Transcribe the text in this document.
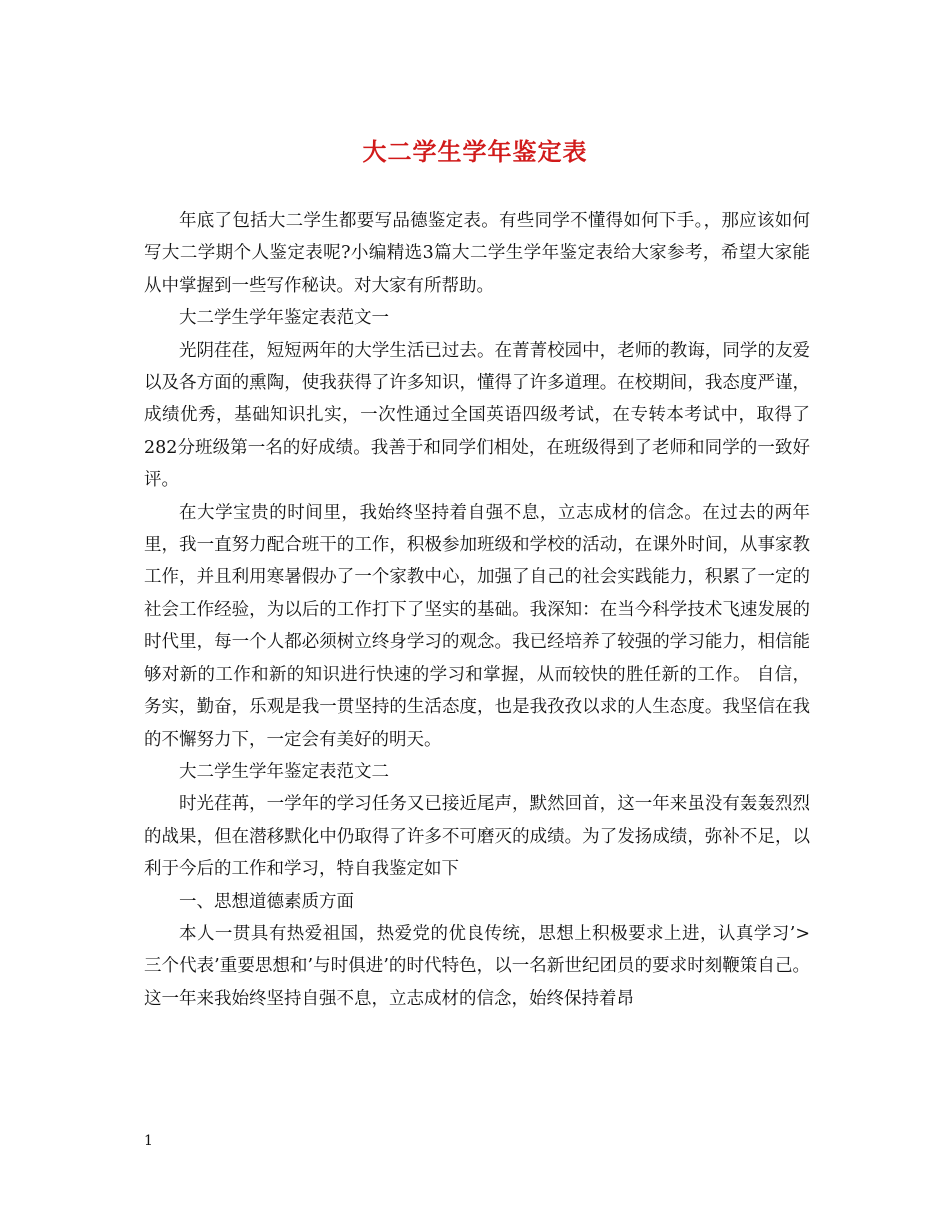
大二学生学年鉴定表

年底了包括大二学生都要写品德鉴定表。有些同学不懂得如何下手。，那应该如何写大二学期个人鉴定表呢?小编精选3篇大二学生学年鉴定表给大家参考，希望大家能从中掌握到一些写作秘诀。对大家有所帮助。

大二学生学年鉴定表范文一

光阴荏荏，短短两年的大学生活已过去。在菁菁校园中，老师的教诲，同学的友爱以及各方面的熏陶，使我获得了许多知识，懂得了许多道理。在校期间，我态度严谨，成绩优秀，基础知识扎实，一次性通过全国英语四级考试，在专转本考试中，取得了282分班级第一名的好成绩。我善于和同学们相处，在班级得到了老师和同学的一致好评。

在大学宝贵的时间里，我始终坚持着自强不息，立志成材的信念。在过去的两年里，我一直努力配合班干的工作，积极参加班级和学校的活动，在课外时间，从事家教工作，并且利用寒暑假办了一个家教中心，加强了自己的社会实践能力，积累了一定的社会工作经验，为以后的工作打下了坚实的基础。我深知：在当今科学技术飞速发展的时代里，每一个人都必须树立终身学习的观念。我已经培养了较强的学习能力，相信能够对新的工作和新的知识进行快速的学习和掌握，从而较快的胜任新的工作。 自信，务实，勤奋，乐观是我一贯坚持的生活态度，也是我孜孜以求的人生态度。我坚信在我的不懈努力下，一定会有美好的明天。

大二学生学年鉴定表范文二

时光荏苒，一学年的学习任务又已接近尾声，默然回首，这一年来虽没有轰轰烈烈的战果，但在潜移默化中仍取得了许多不可磨灭的成绩。为了发扬成绩，弥补不足，以利于今后的工作和学习，特自我鉴定如下

一、思想道德素质方面

本人一贯具有热爱祖国，热爱党的优良传统，思想上积极要求上进，认真学习’>三个代表’重要思想和’与时俱进’的时代特色，以一名新世纪团员的要求时刻鞭策自己。这一年来我始终坚持自强不息，立志成材的信念，始终保持着昂

1
